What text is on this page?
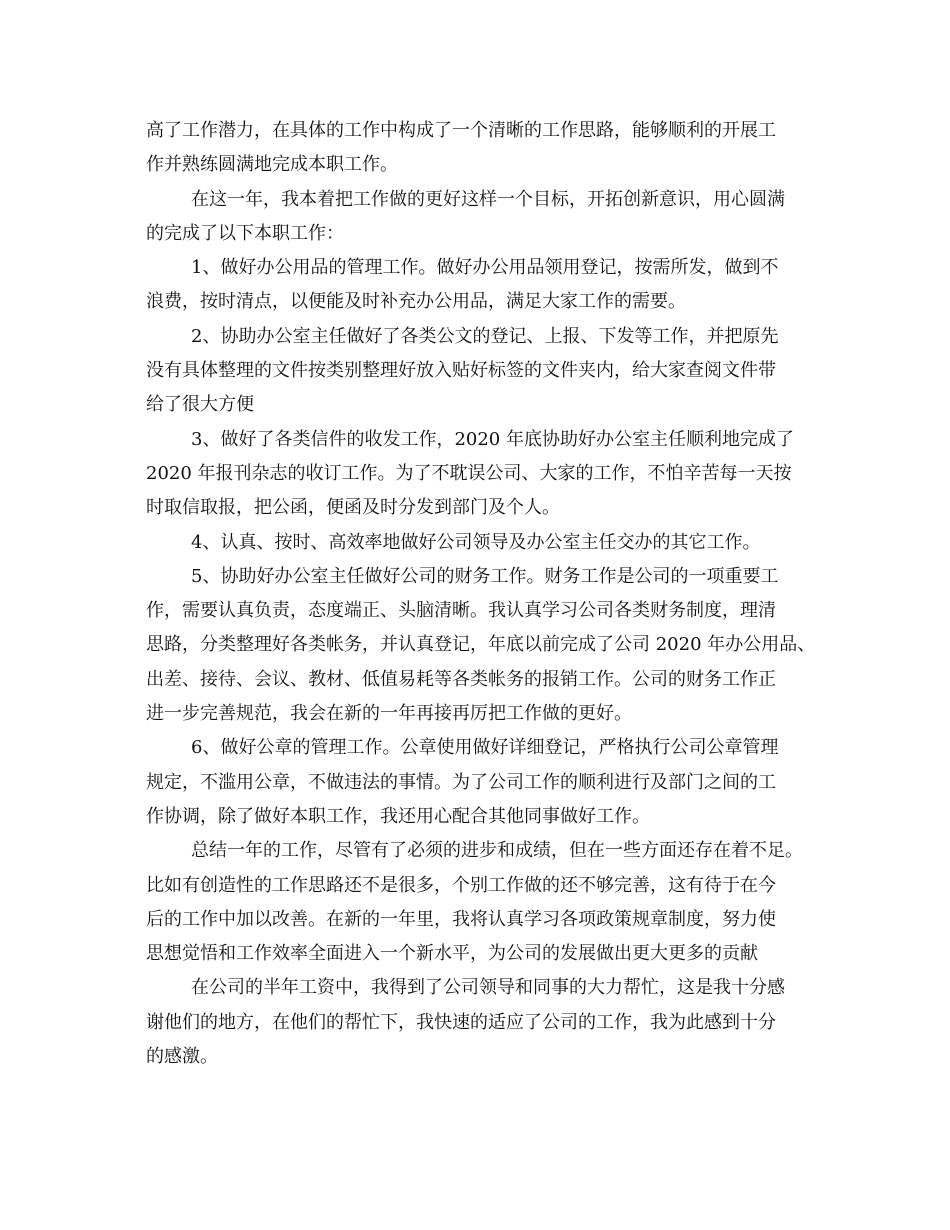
高了工作潜力，在具体的工作中构成了一个清晰的工作思路，能够顺利的开展工
作并熟练圆满地完成本职工作。
在这一年，我本着把工作做的更好这样一个目标，开拓创新意识，用心圆满
的完成了以下本职工作：
1、做好办公用品的管理工作。做好办公用品领用登记，按需所发，做到不
浪费，按时清点，以便能及时补充办公用品，满足大家工作的需要。
2、协助办公室主任做好了各类公文的登记、上报、下发等工作，并把原先
没有具体整理的文件按类别整理好放入贴好标签的文件夹内，给大家查阅文件带
给了很大方便
3、做好了各类信件的收发工作，2020 年底协助好办公室主任顺利地完成了
2020 年报刊杂志的收订工作。为了不耽误公司、大家的工作，不怕辛苦每一天按
时取信取报，把公函，便函及时分发到部门及个人。
4、认真、按时、高效率地做好公司领导及办公室主任交办的其它工作。
5、协助好办公室主任做好公司的财务工作。财务工作是公司的一项重要工
作，需要认真负责，态度端正、头脑清晰。我认真学习公司各类财务制度，理清
思路，分类整理好各类帐务，并认真登记，年底以前完成了公司 2020 年办公用品、
出差、接待、会议、教材、低值易耗等各类帐务的报销工作。公司的财务工作正
进一步完善规范，我会在新的一年再接再厉把工作做的更好。
6、做好公章的管理工作。公章使用做好详细登记，严格执行公司公章管理
规定，不滥用公章，不做违法的事情。为了公司工作的顺利进行及部门之间的工
作协调，除了做好本职工作，我还用心配合其他同事做好工作。
总结一年的工作，尽管有了必须的进步和成绩，但在一些方面还存在着不足。
比如有创造性的工作思路还不是很多，个别工作做的还不够完善，这有待于在今
后的工作中加以改善。在新的一年里，我将认真学习各项政策规章制度，努力使
思想觉悟和工作效率全面进入一个新水平，为公司的发展做出更大更多的贡献
在公司的半年工资中，我得到了公司领导和同事的大力帮忙，这是我十分感
谢他们的地方，在他们的帮忙下，我快速的适应了公司的工作，我为此感到十分
的感激。
